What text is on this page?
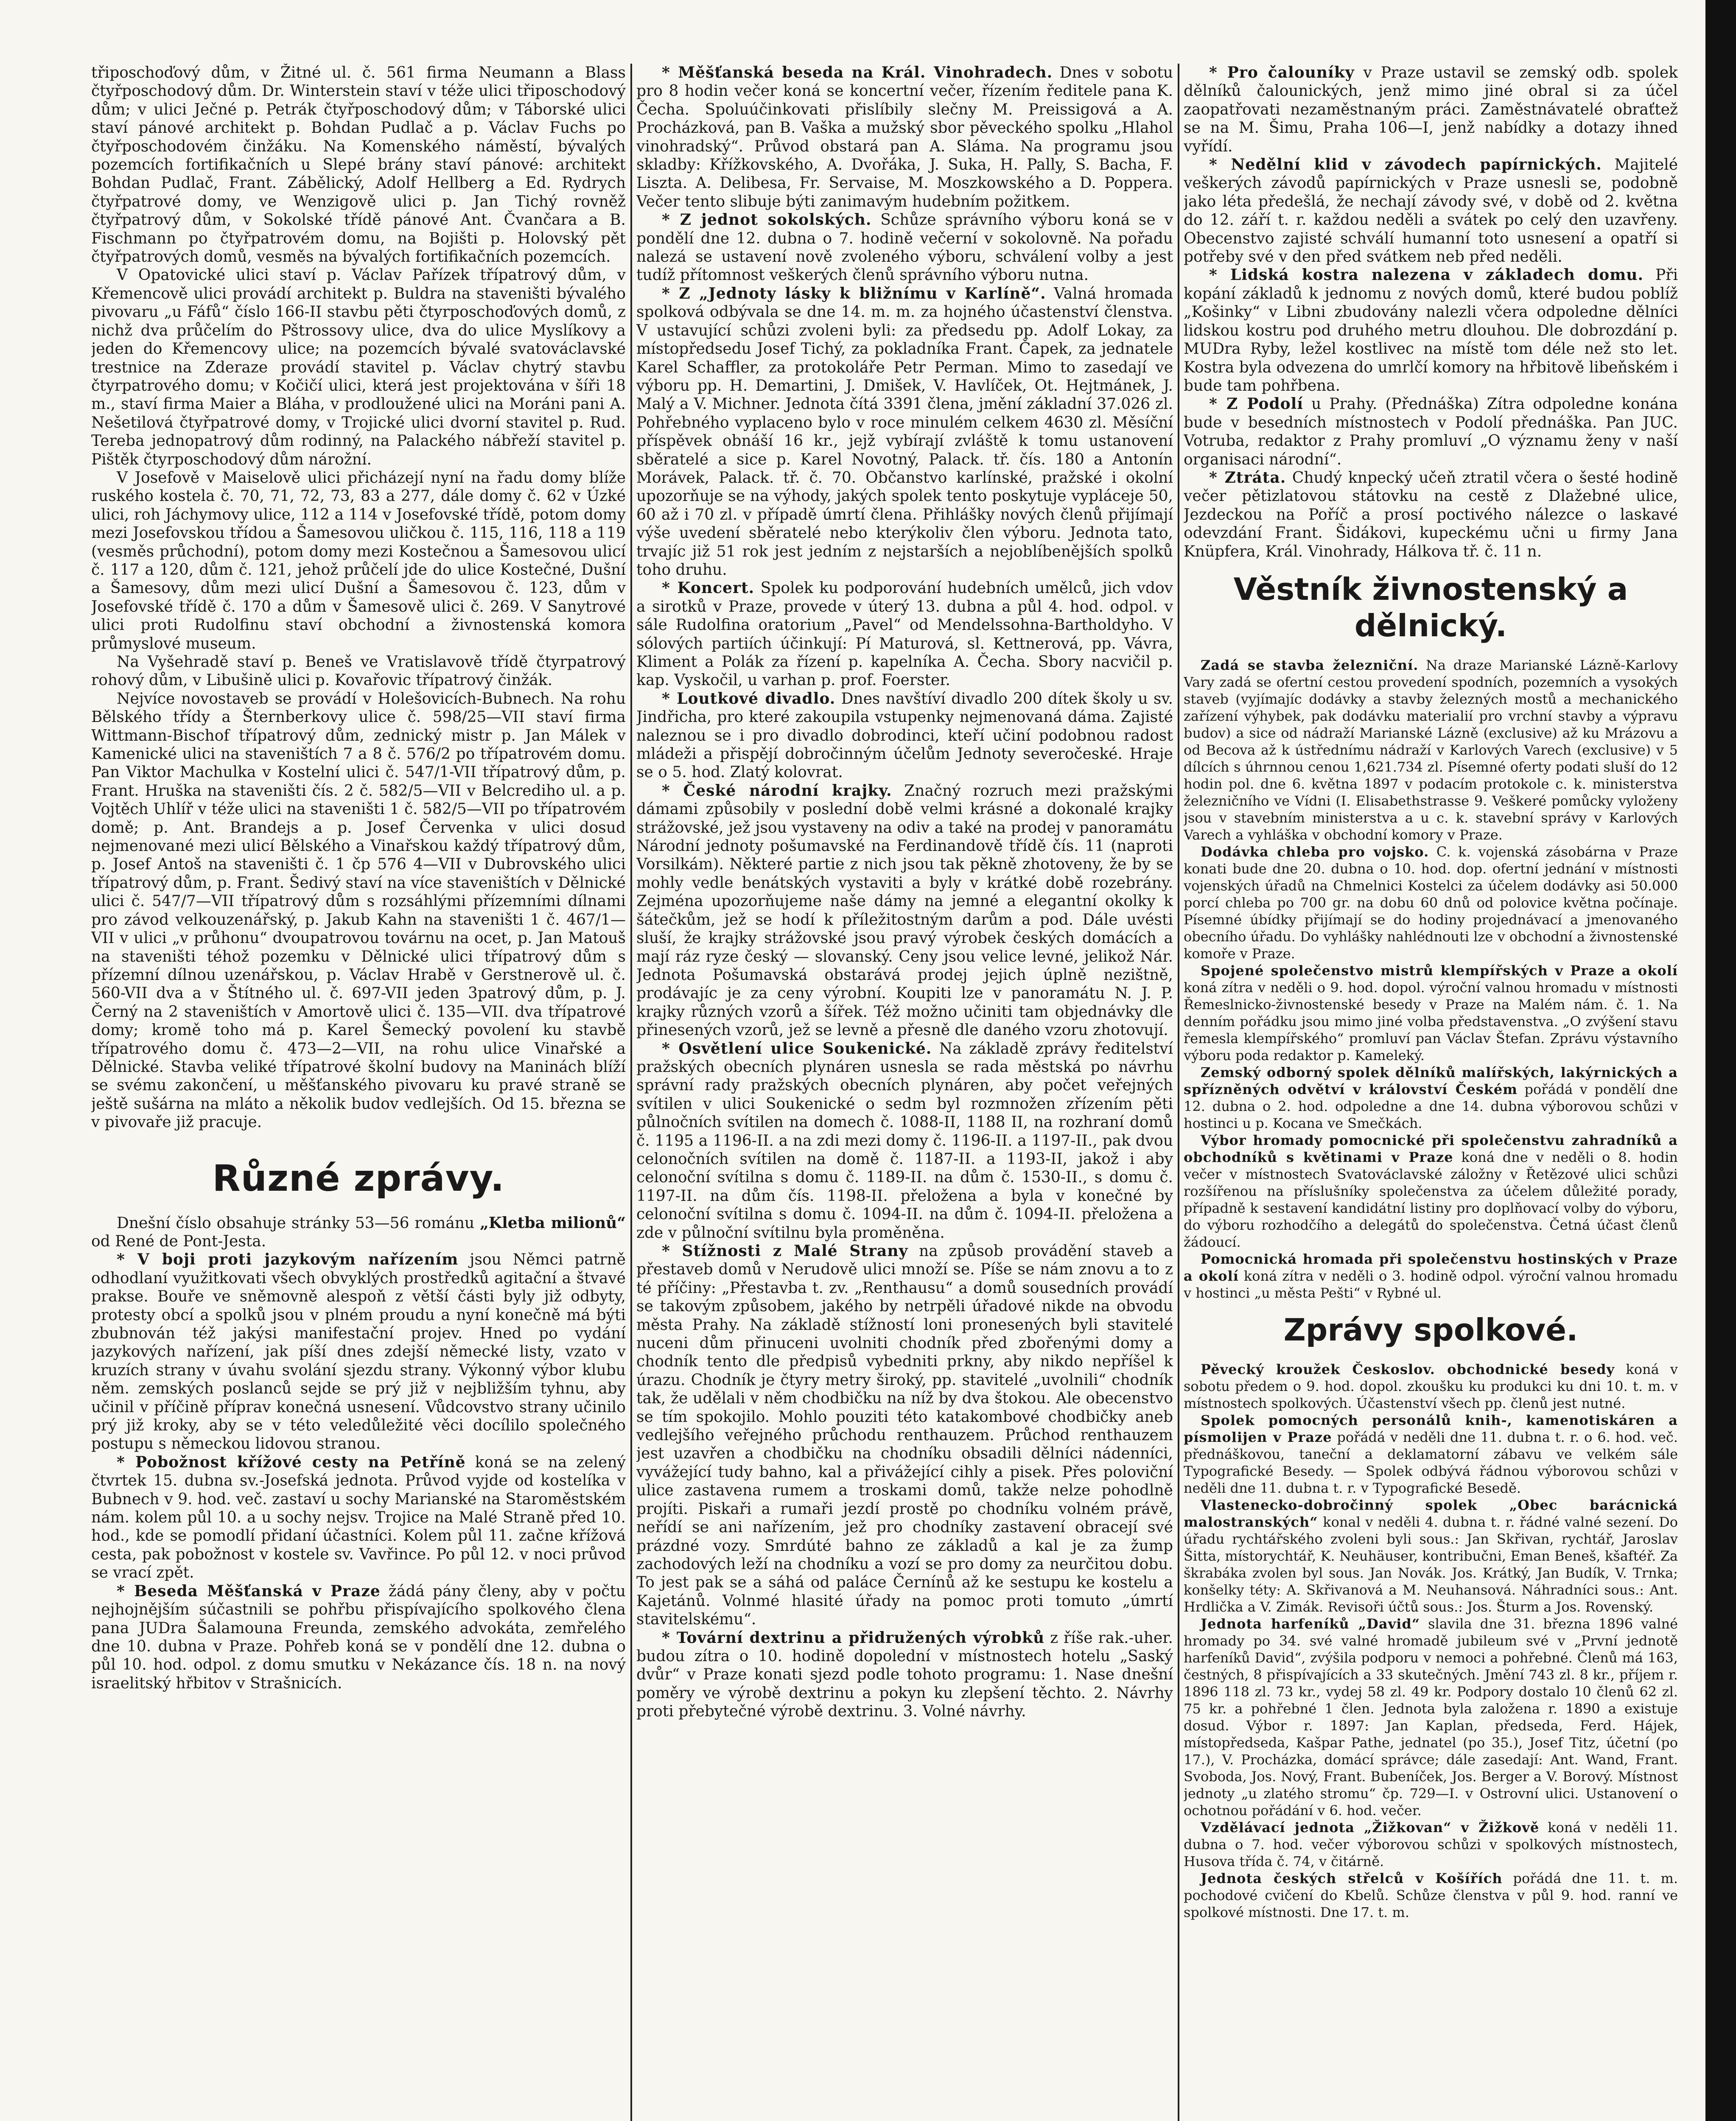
třiposchoďový dům, v Žitné ul. č. 561 firma Neumann a Blass čtyřposchodový dům. Dr. Winterstein staví v téže ulici třiposchodový dům; v ulici Ječné p. Petrák čtyřposchodový dům; v Táborské ulici staví pánové architekt p. Bohdan Pudlač a p. Václav Fuchs po čtyřposchodovém činžáku. Na Komenského náměstí, bývalých pozemcích fortifikačních u Slepé brány staví pánové: architekt Bohdan Pudlač, Frant. Zábělický, Adolf Hellberg a Ed. Rydrych čtyřpatrové domy, ve Wenzigově ulici p. Jan Tichý rovněž čtyřpatrový dům, v Sokolské třídě pánové Ant. Čvančara a B. Fischmann po čtyřpatrovém domu, na Bojišti p. Holovský pět čtyřpatrových domů, vesměs na bývalých fortifikačních pozemcích.

V Opatovické ulici staví p. Václav Pařízek třípatrový dům, v Křemencově ulici provádí architekt p. Buldra na staveništi bývalého pivovaru „u Fáfů“ číslo 166-II stavbu pěti čtyrposchoďových domů, z nichž dva průčelím do Pštrossovy ulice, dva do ulice Myslíkovy a jeden do Křemencovy ulice; na pozemcích bývalé svatováclavské trestnice na Zderaze provádí stavitel p. Václav chytrý stavbu čtyrpatrového domu; v Kočičí ulici, která jest projektována v šíři 18 m., staví firma Maier a Bláha, v prodloužené ulici na Moráni pani A. Nešetilová čtyřpatrové domy, v Trojické ulici dvorní stavitel p. Rud. Tereba jednopatrový dům rodinný, na Palackého nábřeží stavitel p. Pištěk čtyrposchodový dům nárožní.

V Josefově v Maiselově ulici přicházejí nyní na řadu domy blíže ruského kostela č. 70, 71, 72, 73, 83 a 277, dále domy č. 62 v Úzké ulici, roh Jáchymovy ulice, 112 a 114 v Josefovské třídě, potom domy mezi Josefovskou třídou a Šamesovou uličkou č. 115, 116, 118 a 119 (vesměs průchodní), potom domy mezi Kostečnou a Šamesovou ulicí č. 117 a 120, dům č. 121, jehož průčelí jde do ulice Kostečné, Dušní a Šamesovy, dům mezi ulicí Dušní a Šamesovou č. 123, dům v Josefovské třídě č. 170 a dům v Šamesově ulici č. 269. V Sanytrové ulici proti Rudolfinu staví obchodní a živnostenská komora průmyslové museum.

Na Vyšehradě staví p. Beneš ve Vratislavově třídě čtyrpatrový rohový dům, v Libušině ulici p. Kovařovic třípatrový činžák.

Nejvíce novostaveb se provádí v Holešovicích-Bubnech. Na rohu Bělského třídy a Šternberkovy ulice č. 598/25—VII staví firma Wittmann-Bischof třípatrový dům, zednický mistr p. Jan Málek v Kamenické ulici na staveništích 7 a 8 č. 576/2 po třípatrovém domu. Pan Viktor Machulka v Kostelní ulici č. 547/1-VII třípatrový dům, p. Frant. Hruška na staveništi čís. 2 č. 582/5—VII v Belcrediho ul. a p. Vojtěch Uhlíř v téže ulici na staveništi 1 č. 582/5—VII po třípatrovém domě; p. Ant. Brandejs a p. Josef Červenka v ulici dosud nejmenované mezi ulicí Bělského a Vinařskou každý třípatrový dům, p. Josef Antoš na staveništi č. 1 čp 576 4—VII v Dubrovského ulici třípatrový dům, p. Frant. Šedivý staví na více staveništích v Dělnické ulici č. 547/7—VII třípatrový dům s rozsáhlými přízemními dílnami pro závod velkouzenářský, p. Jakub Kahn na staveništi 1 č. 467/1—VII v ulici „v průhonu“ dvoupatrovou továrnu na ocet, p. Jan Matouš na staveništi téhož pozemku v Dělnické ulici třípatrový dům s přízemní dílnou uzenářskou, p. Václav Hrabě v Gerstnerově ul. č. 560-VII dva a v Štítného ul. č. 697-VII jeden 3patrový dům, p. J. Černý na 2 staveništích v Amortově ulici č. 135—VII. dva třípatrové domy; kromě toho má p. Karel Šemecký povolení ku stavbě třípatrového domu č. 473—2—VII, na rohu ulice Vinařské a Dělnické. Stavba veliké třípatrové školní budovy na Maninách blíží se svému zakončení, u měšťanského pivovaru ku pravé straně se ještě sušárna na mláto a několik budov vedlejších. Od 15. března se v pivovaře již pracuje.

Různé zprávy.

Dnešní číslo obsahuje stránky 53—56 románu „Kletba milionů“ od René de Pont-Jesta.

* V boji proti jazykovým nařízením jsou Němci patrně odhodlaní využitkovati všech obvyklých prostředků agitační a štvavé prakse. Bouře ve sněmovně alespoň z větší části byly již odbyty, protesty obcí a spolků jsou v plném proudu a nyní konečně má býti zbubnován též jakýsi manifestační projev. Hned po vydání jazykových nařízení, jak píší dnes zdejší německé listy, vzato v kruzích strany v úvahu svolání sjezdu strany. Výkonný výbor klubu něm. zemských poslanců sejde se prý již v nejbližším tyhnu, aby učinil v příčině příprav konečná usnesení. Vůdcovstvo strany učinilo prý již kroky, aby se v této veledůležité věci docílilo společného postupu s německou lidovou stranou.

* Pobožnost křížové cesty na Petříně koná se na zelený čtvrtek 15. dubna sv.-Josefská jednota. Průvod vyjde od kostelíka v Bubnech v 9. hod. več. zastaví u sochy Marianské na Staroměstském nám. kolem půl 10. a u sochy nejsv. Trojice na Malé Straně před 10. hod., kde se pomodlí přidaní účastníci. Kolem půl 11. začne křížová cesta, pak pobožnost v kostele sv. Vavřince. Po půl 12. v noci průvod se vrací zpět.

* Beseda Měšťanská v Praze žádá pány členy, aby v počtu nejhojnějším súčastnili se pohřbu přispívajícího spolkového člena pana JUDra Šalamouna Freunda, zemského advokáta, zemřelého dne 10. dubna v Praze. Pohřeb koná se v pondělí dne 12. dubna o půl 10. hod. odpol. z domu smutku v Nekázance čís. 18 n. na nový israelitský hřbitov v Strašnicích.

* Měšťanská beseda na Král. Vinohradech. Dnes v sobotu pro 8 hodin večer koná se koncertní večer, řízením ředitele pana K. Čecha. Spoluúčinkovati přislíbily slečny M. Preissigová a A. Procházková, pan B. Vaška a mužský sbor pěveckého spolku „Hlahol vinohradský“. Průvod obstará pan A. Sláma. Na programu jsou skladby: Křížkovského, A. Dvořáka, J. Suka, H. Pally, S. Bacha, F. Liszta. A. Delibesa, Fr. Servaise, M. Moszkowského a D. Poppera. Večer tento slibuje býti zanimavým hudebním požitkem.

* Z jednot sokolských. Schůze správního výboru koná se v pondělí dne 12. dubna o 7. hodině večerní v sokolovně. Na pořadu nalezá se ustavení nově zvoleného výboru, schválení volby a jest tudíž přítomnost veškerých členů správního výboru nutna.

* Z „Jednoty lásky k bližnímu v Karlíně“. Valná hromada spolková odbývala se dne 14. m. m. za hojného účastenství členstva. V ustavující schůzi zvoleni byli: za předsedu pp. Adolf Lokay, za místopředsedu Josef Tichý, za pokladníka Frant. Čapek, za jednatele Karel Schaffler, za protokoláře Petr Perman. Mimo to zasedají ve výboru pp. H. Demartini, J. Dmišek, V. Havlíček, Ot. Hejtmánek, J. Malý a V. Michner. Jednota čítá 3391 člena, jmění základní 37.026 zl. Pohřebného vyplaceno bylo v roce minulém celkem 4630 zl. Měsíční příspěvek obnáší 16 kr., jejž vybírají zvláště k tomu ustanovení sběratelé a sice p. Karel Novotný, Palack. tř. čís. 180 a Antonín Morávek, Palack. tř. č. 70. Občanstvo karlínské, pražské i okolní upozorňuje se na výhody, jakých spolek tento poskytuje vypláceje 50, 60 až i 70 zl. v případě úmrtí člena. Přihlášky nových členů přijímají výše uvedení sběratelé nebo kterýkoliv člen výboru. Jednota tato, trvajíc již 51 rok jest jedním z nejstarších a nejoblíbenějších spolků toho druhu.

* Koncert. Spolek ku podporování hudebních umělců, jich vdov a sirotků v Praze, provede v úterý 13. dubna a půl 4. hod. odpol. v sále Rudolfina oratorium „Pavel“ od Mendelssohna-Bartholdyho. V sólových partiích účinkují: Pí Maturová, sl. Kettnerová, pp. Vávra, Kliment a Polák za řízení p. kapelníka A. Čecha. Sbory nacvičil p. kap. Vyskočil, u varhan p. prof. Foerster.

* Loutkové divadlo. Dnes navštíví divadlo 200 dítek školy u sv. Jindřicha, pro které zakoupila vstupenky nejmenovaná dáma. Zajisté naleznou se i pro divadlo dobrodinci, kteří učiní podobnou radost mládeži a přispějí dobročinným účelům Jednoty severočeské. Hraje se o 5. hod. Zlatý kolovrat.

* České národní krajky. Značný rozruch mezi pražskými dámami způsobily v poslední době velmi krásné a dokonalé krajky strážovské, jež jsou vystaveny na odiv a také na prodej v panoramátu Národní jednoty pošumavské na Ferdinandově třídě čís. 11 (naproti Vorsilkám). Některé partie z nich jsou tak pěkně zhotoveny, že by se mohly vedle benátských vystaviti a byly v krátké době rozebrány. Zejména upozorňujeme naše dámy na jemné a elegantní okolky k šátečkům, jež se hodí k příležitostným darům a pod. Dále uvésti sluší, že krajky strážovské jsou pravý výrobek českých domácích a mají ráz ryze český — slovanský. Ceny jsou velice levné, jelikož Nár. Jednota Pošumavská obstarává prodej jejich úplně nezištně, prodávajíc je za ceny výrobní. Koupiti lze v panoramátu N. J. P. krajky různých vzorů a šířek. Též možno učiniti tam objednávky dle přinesených vzorů, jež se levně a přesně dle daného vzoru zhotovují.

* Osvětlení ulice Soukenické. Na základě zprávy ředitelství pražských obecních plynáren usnesla se rada městská po návrhu správní rady pražských obecních plynáren, aby počet veřejných svítilen v ulici Soukenické o sedm byl rozmnožen zřízením pěti půlnočních svítilen na domech č. 1088-II, 1188 II, na rozhraní domů č. 1195 a 1196-II. a na zdi mezi domy č. 1196-II. a 1197-II., pak dvou celonočních svítilen na domě č. 1187-II. a 1193-II, jakož i aby celonoční svítilna s domu č. 1189-II. na dům č. 1530-II., s domu č. 1197-II. na dům čís. 1198-II. přeložena a byla v konečné by celonoční svítilna s domu č. 1094-II. na dům č. 1094-II. přeložena a zde v půlnoční svítilnu byla proměněna.

* Stížnosti z Malé Strany na způsob provádění staveb a přestaveb domů v Nerudově ulici množí se. Píše se nám znovu a to z té příčiny: „Přestavba t. zv. „Renthausu“ a domů sousedních provádí se takovým způsobem, jakého by netrpěli úřadové nikde na obvodu města Prahy. Na základě stížností loni pronesených byli stavitelé nuceni dům přinuceni uvolniti chodník před zbořenými domy a chodník tento dle předpisů vybedniti prkny, aby nikdo nepříšel k úrazu. Chodník je čtyry metry široký, pp. stavitelé „uvolnili“ chodník tak, že udělali v něm chodbičku na níž by dva štokou. Ale obecenstvo se tím spokojilo. Mohlo pouziti této katakombové chodbičky aneb vedlejšího veřejného průchodu renthauzem. Průchod renthauzem jest uzavřen a chodbičku na chodníku obsadili dělníci nádenníci, vyvážející tudy bahno, kal a přivážející cihly a pisek. Přes poloviční ulice zastavena rumem a troskami domů, takže nelze pohodlně projíti. Piskaři a rumaři jezdí prostě po chodníku volném právě, neřídí se ani nařízením, jež pro chodníky zastavení obracejí své prázdné vozy. Smrdúté bahno ze základů a kal je za žump zachodových leží na chodníku a vozí se pro domy za neurčitou dobu. To jest pak se a sáhá od paláce Černínů až ke sestupu ke kostelu a Kajetánů. Volnmé hlasité úřady na pomoc proti tomuto „úmrtí stavitelskému“.

* Tovární dextrinu a přidružených výrobků z říše rak.-uher. budou zítra o 10. hodině dopolední v místnostech hotelu „Saský dvůr“ v Praze konati sjezd podle tohoto programu: 1. Nase dnešní poměry ve výrobě dextrinu a pokyn ku zlepšení těchto. 2. Návrhy proti přebytečné výrobě dextrinu. 3. Volné návrhy.

* Pro čalouníky v Praze ustavil se zemský odb. spolek dělníků čalounických, jenž mimo jiné obral si za účel zaopatřovati nezaměstnaným práci. Zaměstnávatelé obraťtež se na M. Šimu, Praha 106—I, jenž nabídky a dotazy ihned vyřídí.

* Nedělní klid v závodech papírnických. Majitelé veškerých závodů papírnických v Praze usnesli se, podobně jako léta předešlá, že nechají závody své, v době od 2. května do 12. září t. r. každou neděli a svátek po celý den uzavřeny. Obecenstvo zajisté schválí humanní toto usnesení a opatří si potřeby své v den před svátkem neb před neděli.

* Lidská kostra nalezena v základech domu. Při kopání základů k jednomu z nových domů, které budou poblíž „Košinky“ v Libni zbudovány nalezli včera odpoledne dělníci lidskou kostru pod druhého metru dlouhou. Dle dobrozdání p. MUDra Ryby, ležel kostlivec na místě tom déle než sto let. Kostra byla odvezena do umrlčí komory na hřbitově libeňském i bude tam pohřbena.

* Z Podolí u Prahy. (Přednáška) Zítra odpoledne konána bude v besedních místnostech v Podolí přednáška. Pan JUC. Votruba, redaktor z Prahy promluví „O významu ženy v naší organisaci národní“.

* Ztráta. Chudý knpecký učeň ztratil včera o šesté hodině večer pětizlatovou státovku na cestě z Dlažebné ulice, Jezdeckou na Poříč a prosí poctivého nálezce o laskavé odevzdání Frant. Šidákovi, kupeckému učni u firmy Jana Knüpfera, Král. Vinohrady, Hálkova tř. č. 11 n.

Věstník živnostenský a dělnický.

Zadá se stavba železniční. Na draze Marianské Lázně-Karlovy Vary zadá se ofertní cestou provedení spodních, pozemních a vysokých staveb (vyjímajíc dodávky a stavby železných mostů a mechanického zařízení výhybek, pak dodávku materialií pro vrchní stavby a výpravu budov) a sice od nádraží Marianské Lázně (exclusive) až ku Mrázovu a od Becova až k ústřednímu nádraží v Karlových Varech (exclusive) v 5 dílcích s úhrnnou cenou 1,621.734 zl. Písemné oferty podati sluší do 12 hodin pol. dne 6. května 1897 v podacím protokole c. k. ministerstva železničního ve Vídni (I. Elisabethstrasse 9. Veškeré pomůcky vyloženy jsou v stavebním ministerstva a u c. k. stavební správy v Karlových Varech a vyhláška v obchodní komory v Praze.

Dodávka chleba pro vojsko. C. k. vojenská zásobárna v Praze konati bude dne 20. dubna o 10. hod. dop. ofertní jednání v místnosti vojenských úřadů na Chmelnici Kostelci za účelem dodávky asi 50.000 porcí chleba po 700 gr. na dobu 60 dnů od polovice května počínaje. Písemné úbídky přijímají se do hodiny projednávací a jmenovaného obecního úřadu. Do vyhlášky nahlédnouti lze v obchodní a živnostenské komoře v Praze.

Spojené společenstvo mistrů klempířských v Praze a okolí koná zítra v neděli o 9. hod. dopol. výroční valnou hromadu v místnosti Řemeslnicko-živnostenské besedy v Praze na Malém nám. č. 1. Na denním pořádku jsou mimo jiné volba představenstva. „O zvýšení stavu řemesla klempířského“ promluví pan Václav Štefan. Zprávu výstavního výboru poda redaktor p. Kameleký.

Zemský odborný spolek dělníků malířských, lakýrnických a spřízněných odvětví v království Českém pořádá v pondělí dne 12. dubna o 2. hod. odpoledne a dne 14. dubna výborovou schůzi v hostinci u p. Kocana ve Smečkách.

Výbor hromady pomocnické při společenstvu zahradníků a obchodníků s květinami v Praze koná dne v neděli o 8. hodin večer v místnostech Svatováclavské záložny v Řetězové ulici schůzi rozšířenou na příslušníky společenstva za účelem důležité porady, případně k sestavení kandidátní listiny pro doplňovací volby do výboru, do výboru rozhodčího a delegátů do společenstva. Četná účast členů žádoucí.

Pomocnická hromada při společenstvu hostinských v Praze a okolí koná zítra v neděli o 3. hodině odpol. výroční valnou hromadu v hostinci „u města Pešti“ v Rybné ul.

Zprávy spolkové.

Pěvecký kroužek Českoslov. obchodnické besedy koná v sobotu předem o 9. hod. dopol. zkoušku ku produkci ku dni 10. t. m. v místnostech spolkových. Účastenství všech pp. členů jest nutné.

Spolek pomocných personálů knih-, kamenotiskáren a písmolijen v Praze pořádá v neděli dne 11. dubna t. r. o 6. hod. več. přednáškovou, taneční a deklamatorní zábavu ve velkém sále Typografické Besedy. — Spolek odbývá řádnou výborovou schůzi v neděli dne 11. dubna t. r. v Typografické Besedě.

Vlastenecko-dobročinný spolek „Obec barácnická malostranských“ konal v neděli 4. dubna t. r. řádné valné sezení. Do úřadu rychtářského zvoleni byli sous.: Jan Skřivan, rychtář, Jaroslav Šitta, místorychtář, K. Neuhäuser, kontribučni, Eman Beneš, kšaftéř. Za škrabáka zvolen byl sous. Jan Novák. Jos. Krátký, Jan Budík, V. Trnka; konšelky téty: A. Skřivanová a M. Neuhansová. Náhradníci sous.: Ant. Hrdlička a V. Zimák. Revisoři účtů sous.: Jos. Šturm a Jos. Rovenský.

Jednota harfeníků „David“ slavila dne 31. března 1896 valné hromady po 34. své valné hromadě jubileum své v „První jednotě harfeníků David“, zvýšila podporu v nemoci a pohřebné. Členů má 163, čestných, 8 přispívajících a 33 skutečných. Jmění 743 zl. 8 kr., příjem r. 1896 118 zl. 73 kr., vydej 58 zl. 49 kr. Podpory dostalo 10 členů 62 zl. 75 kr. a pohřebné 1 člen. Jednota byla založena r. 1890 a existuje dosud. Výbor r. 1897: Jan Kaplan, předseda, Ferd. Hájek, místopředseda, Kašpar Pathe, jednatel (po 35.), Josef Titz, účetní (po 17.), V. Procházka, domácí správce; dále zasedají: Ant. Wand, Frant. Svoboda, Jos. Nový, Frant. Bubeníček, Jos. Berger a V. Borový. Místnost jednoty „u zlatého stromu“ čp. 729—I. v Ostrovní ulici. Ustanovení o ochotnou pořádání v 6. hod. večer.

Vzdělávací jednota „Žižkovan“ v Žižkově koná v neděli 11. dubna o 7. hod. večer výborovou schůzi v spolkových místnostech, Husova třída č. 74, v čitárně.

Jednota českých střelců v Košířích pořádá dne 11. t. m. pochodové cvičení do Kbelů. Schůze členstva v půl 9. hod. ranní ve spolkové místnosti. Dne 17. t. m.
